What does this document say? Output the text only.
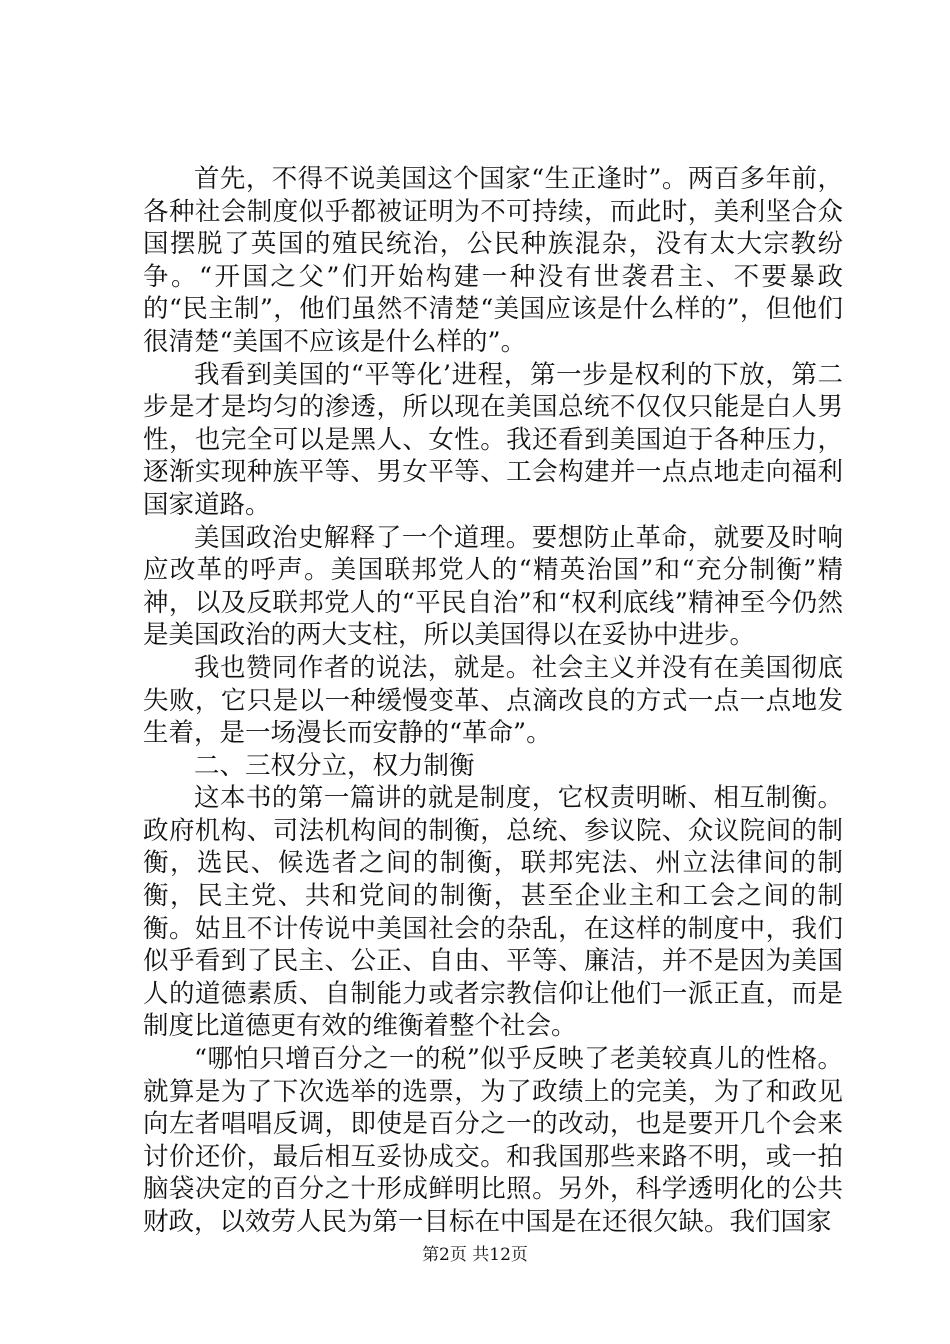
首先，不得不说美国这个国家“生正逢时”。两百多年前，各种社会制度似乎都被证明为不可持续，而此时，美利坚合众国摆脱了英国的殖民统治，公民种族混杂，没有太大宗教纷争。“开国之父”们开始构建一种没有世袭君主、不要暴政的“民主制”，他们虽然不清楚“美国应该是什么样的”，但他们很清楚“美国不应该是什么样的”。

我看到美国的“平等化’进程，第一步是权利的下放，第二步是才是均匀的渗透，所以现在美国总统不仅仅只能是白人男性，也完全可以是黑人、女性。我还看到美国迫于各种压力，逐渐实现种族平等、男女平等、工会构建并一点点地走向福利国家道路。

美国政治史解释了一个道理。要想防止革命，就要及时响应改革的呼声。美国联邦党人的“精英治国”和“充分制衡”精神，以及反联邦党人的“平民自治”和“权利底线”精神至今仍然是美国政治的两大支柱，所以美国得以在妥协中进步。

我也赞同作者的说法，就是。社会主义并没有在美国彻底失败，它只是以一种缓慢变革、点滴改良的方式一点一点地发生着，是一场漫长而安静的“革命”。

二、三权分立，权力制衡

这本书的第一篇讲的就是制度，它权责明晰、相互制衡。政府机构、司法机构间的制衡，总统、参议院、众议院间的制衡，选民、候选者之间的制衡，联邦宪法、州立法律间的制衡，民主党、共和党间的制衡，甚至企业主和工会之间的制衡。姑且不计传说中美国社会的杂乱，在这样的制度中，我们似乎看到了民主、公正、自由、平等、廉洁，并不是因为美国人的道德素质、自制能力或者宗教信仰让他们一派正直，而是制度比道德更有效的维衡着整个社会。

“哪怕只增百分之一的税”似乎反映了老美较真儿的性格。就算是为了下次选举的选票，为了政绩上的完美，为了和政见向左者唱唱反调，即使是百分之一的改动，也是要开几个会来讨价还价，最后相互妥协成交。和我国那些来路不明，或一拍脑袋决定的百分之十形成鲜明比照。另外，科学透明化的公共财政，以效劳人民为第一目标在中国是在还很欠缺。我们国家

第2页 共12页
